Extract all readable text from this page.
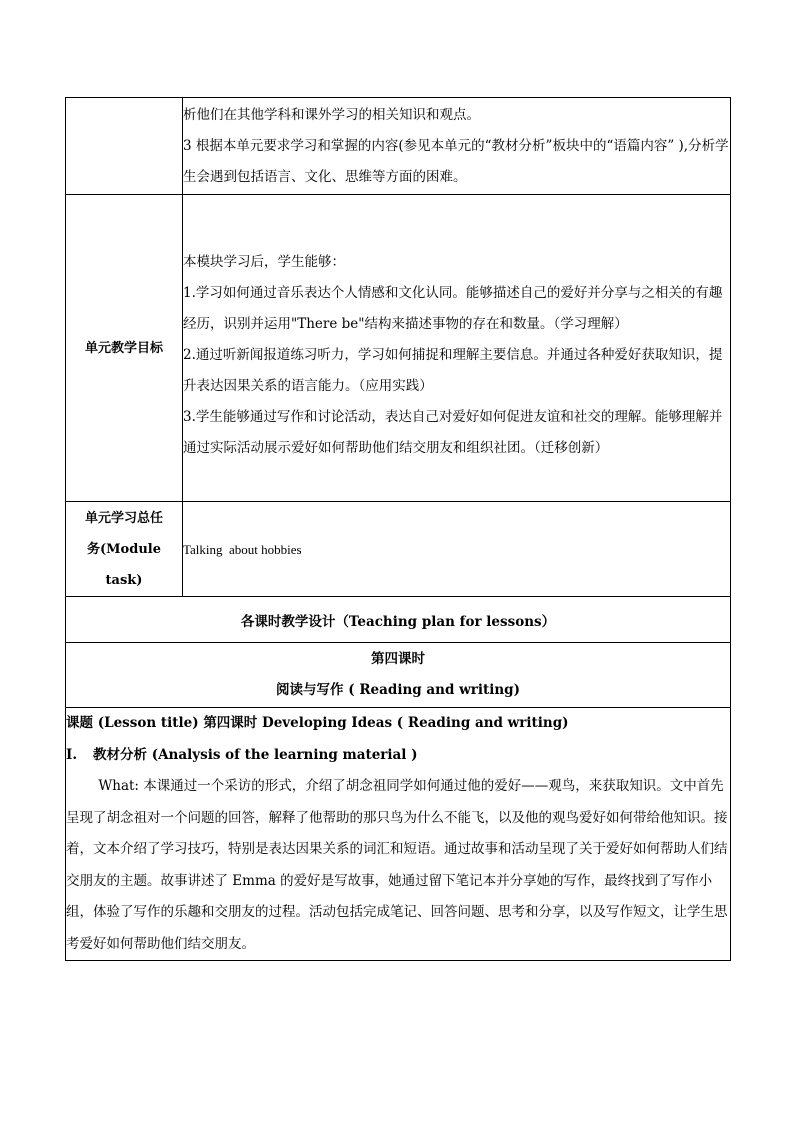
	析他们在其他学科和课外学习的相关知识和观点。

3 根据本单元要求学习和掌握的内容(参见本单元的“教材分析”板块中的“语篇内容” ),分析学生会遇到包括语言、文化、思维等方面的困难。

单元教学目标	本模块学习后，学生能够：

1.学习如何通过音乐表达个人情感和文化认同。能够描述自己的爱好并分享与之相关的有趣经历，识别并运用"There be"结构来描述事物的存在和数量。（学习理解）

2.通过听新闻报道练习听力，学习如何捕捉和理解主要信息。并通过各种爱好获取知识，提升表达因果关系的语言能力。（应用实践）

3.学生能够通过写作和讨论活动，表达自己对爱好如何促进友谊和社交的理解。能够理解并通过实际活动展示爱好如何帮助他们结交朋友和组织社团。（迁移创新）

单元学习总任
务(Module
task)	Talking  about hobbies
各课时教学设计（Teaching plan for lessons）	

第四课时
阅读与写作 ( Reading and writing)	

课题 (Lesson title) 第四课时 Developing Ideas ( Reading and writing)

I. 教材分析 (Analysis of the learning material )

What: 本课通过一个采访的形式，介绍了胡念祖同学如何通过他的爱好——观鸟，来获取知识。文中首先呈现了胡念祖对一个问题的回答，解释了他帮助的那只鸟为什么不能飞，以及他的观鸟爱好如何带给他知识。接着，文本介绍了学习技巧，特别是表达因果关系的词汇和短语。通过故事和活动呈现了关于爱好如何帮助人们结交朋友的主题。故事讲述了 Emma 的爱好是写故事，她通过留下笔记本并分享她的写作，最终找到了写作小组，体验了写作的乐趣和交朋友的过程。活动包括完成笔记、回答问题、思考和分享，以及写作短文，让学生思考爱好如何帮助他们结交朋友。	
